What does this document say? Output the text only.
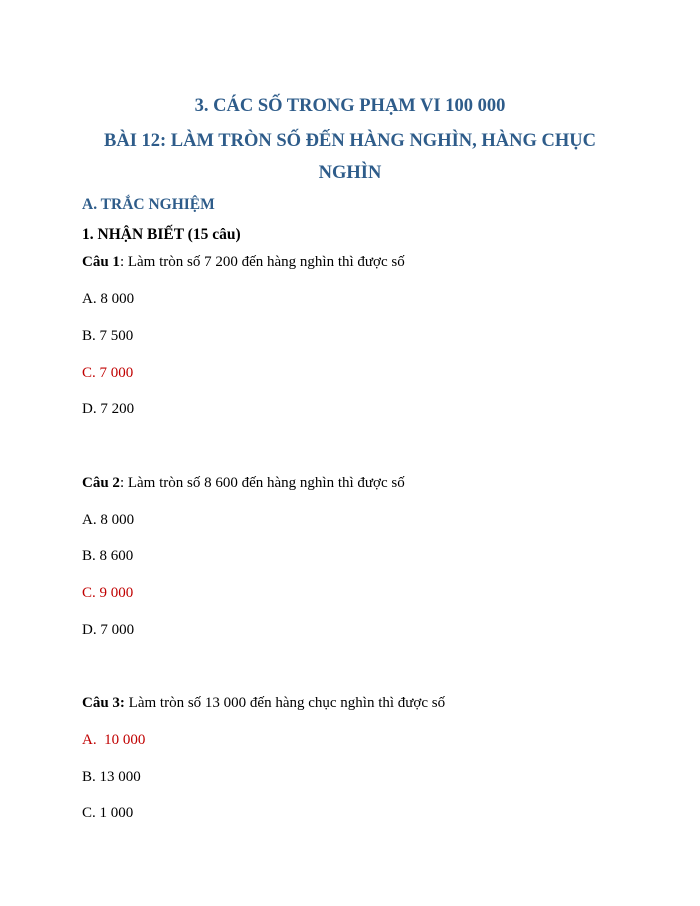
3. CÁC SỐ TRONG PHẠM VI 100 000
BÀI 12: LÀM TRÒN SỐ ĐẾN HÀNG NGHÌN, HÀNG CHỤC
NGHÌN
A. TRẮC NGHIỆM
1. NHẬN BIẾT (15 câu)
Câu 1: Làm tròn số 7 200 đến hàng nghìn thì được số
A. 8 000
B. 7 500
C. 7 000
D. 7 200
Câu 2: Làm tròn số 8 600 đến hàng nghìn thì được số
A. 8 000
B. 8 600
C. 9 000
D. 7 000
Câu 3: Làm tròn số 13 000 đến hàng chục nghìn thì được số
A.  10 000
B. 13 000
C. 1 000
